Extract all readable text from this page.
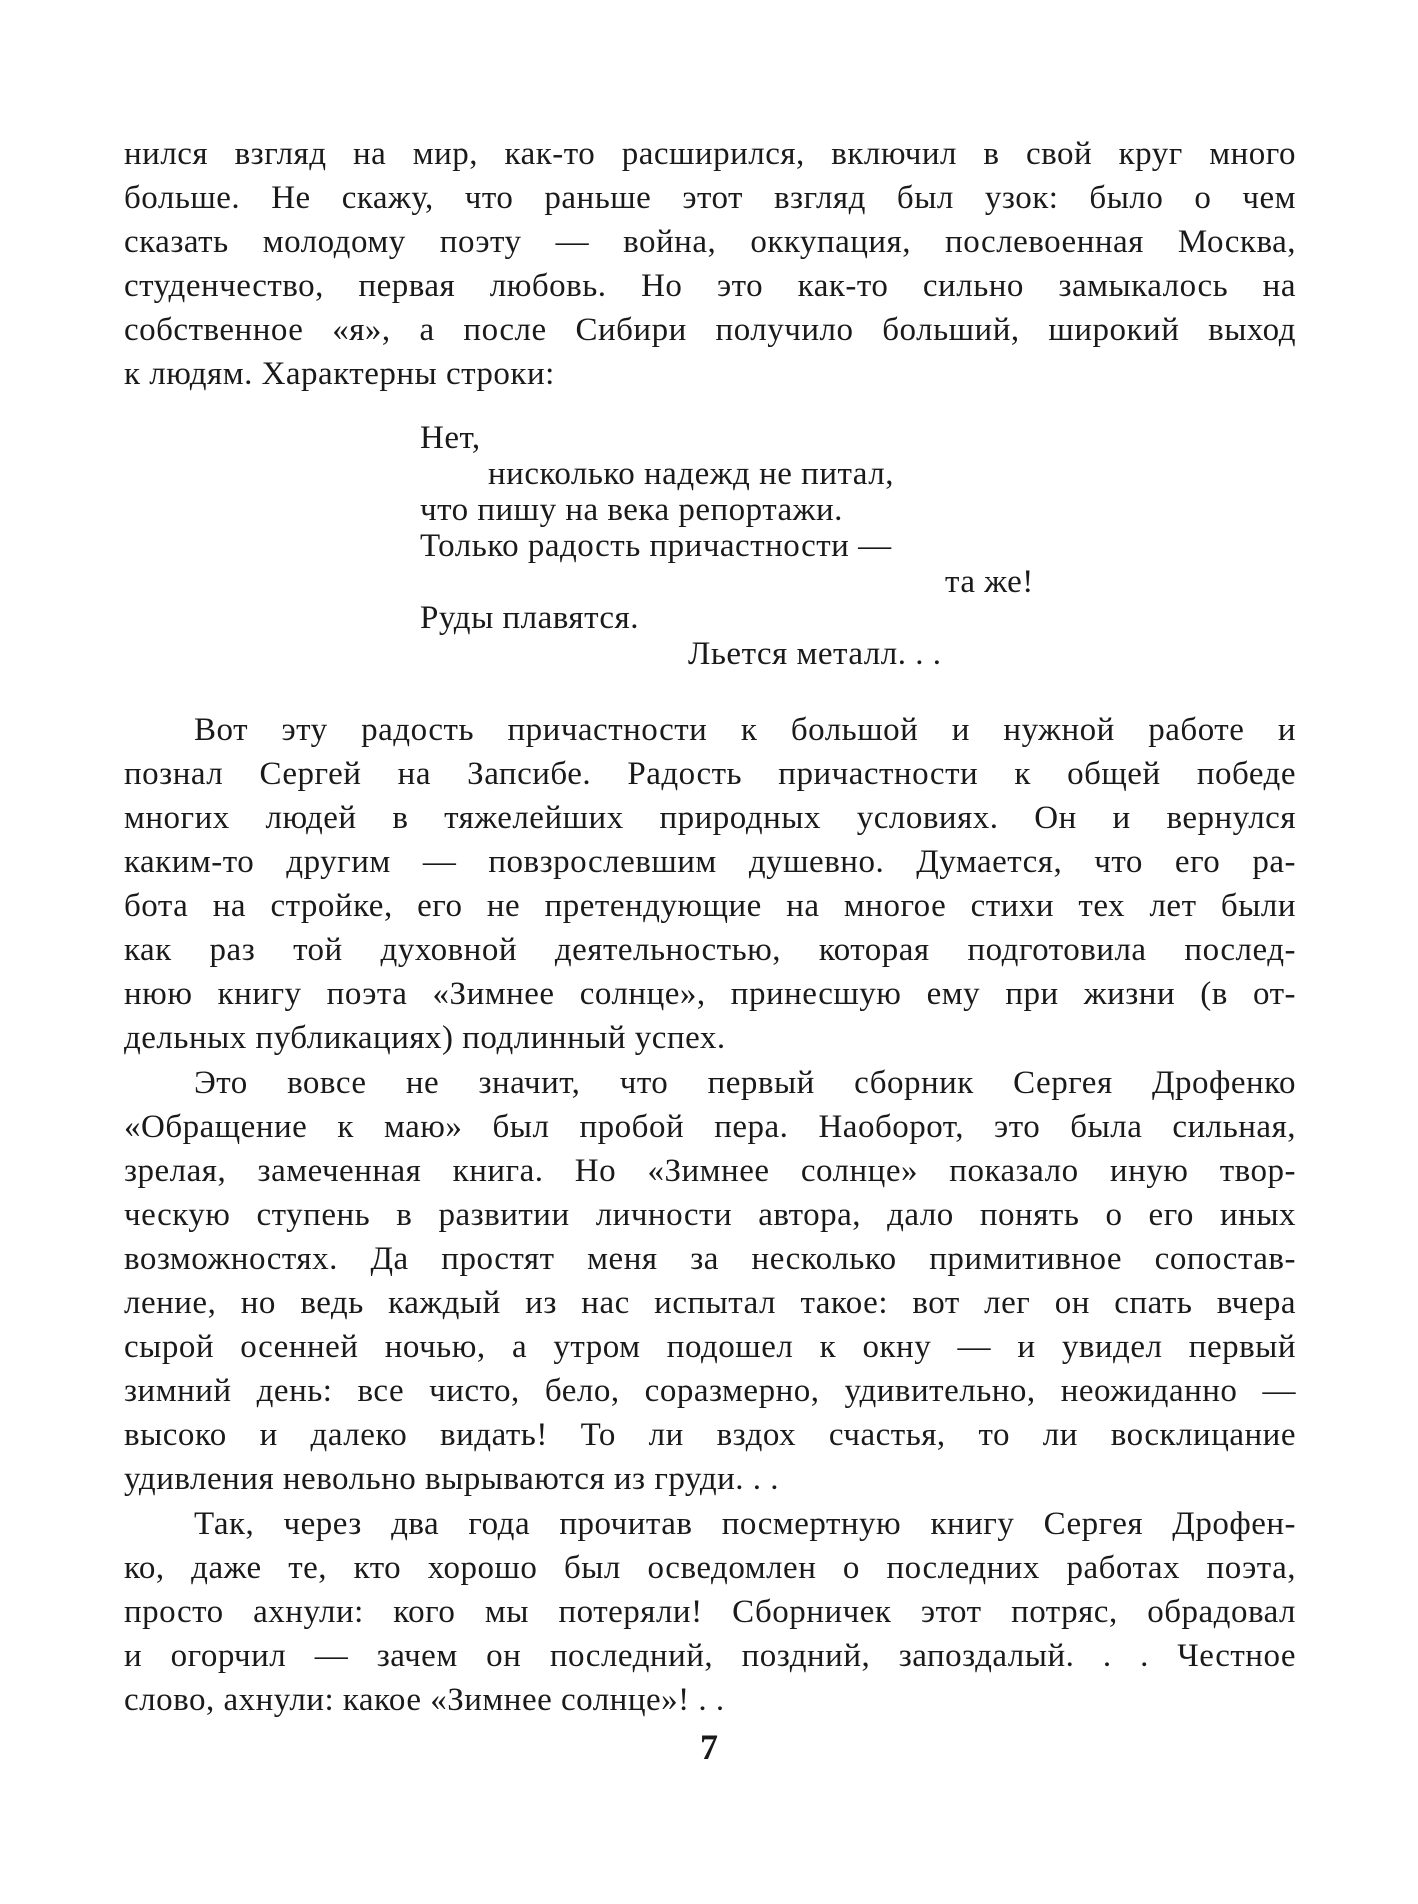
нился взгляд на мир, как-то расширился, включил в свой круг много
больше. Не скажу, что раньше этот взгляд был узок: было о чем
сказать молодому поэту — война, оккупация, послевоенная Москва,
студенчество, первая любовь. Но это как-то сильно замыкалось на
собственное «я», а после Сибири получило больший, широкий выход
к людям. Характерны строки:
Нет,
нисколько надежд не питал,
что пишу на века репортажи.
Только радость причастности —
та же!
Руды плавятся.
Льется металл. . .
Вот эту радость причастности к большой и нужной работе и
познал Сергей на Запсибе. Радость причастности к общей победе
многих людей в тяжелейших природных условиях. Он и вернулся
каким-то другим — повзрослевшим душевно. Думается, что его ра-
бота на стройке, его не претендующие на многое стихи тех лет были
как раз той духовной деятельностью, которая подготовила послед-
нюю книгу поэта «Зимнее солнце», принесшую ему при жизни (в от-
дельных публикациях) подлинный успех.
Это вовсе не значит, что первый сборник Сергея Дрофенко
«Обращение к маю» был пробой пера. Наоборот, это была сильная,
зрелая, замеченная книга. Но «Зимнее солнце» показало иную твор-
ческую ступень в развитии личности автора, дало понять о его иных
возможностях. Да простят меня за несколько примитивное сопостав-
ление, но ведь каждый из нас испытал такое: вот лег он спать вчера
сырой осенней ночью, а утром подошел к окну — и увидел первый
зимний день: все чисто, бело, соразмерно, удивительно, неожиданно —
высоко и далеко видать! То ли вздох счастья, то ли восклицание
удивления невольно вырываются из груди. . .
Так, через два года прочитав посмертную книгу Сергея Дрофен-
ко, даже те, кто хорошо был осведомлен о последних работах поэта,
просто ахнули: кого мы потеряли! Сборничек этот потряс, обрадовал
и огорчил — зачем он последний, поздний, запоздалый. . . Честное
слово, ахнули: какое «Зимнее солнце»! . .
7
